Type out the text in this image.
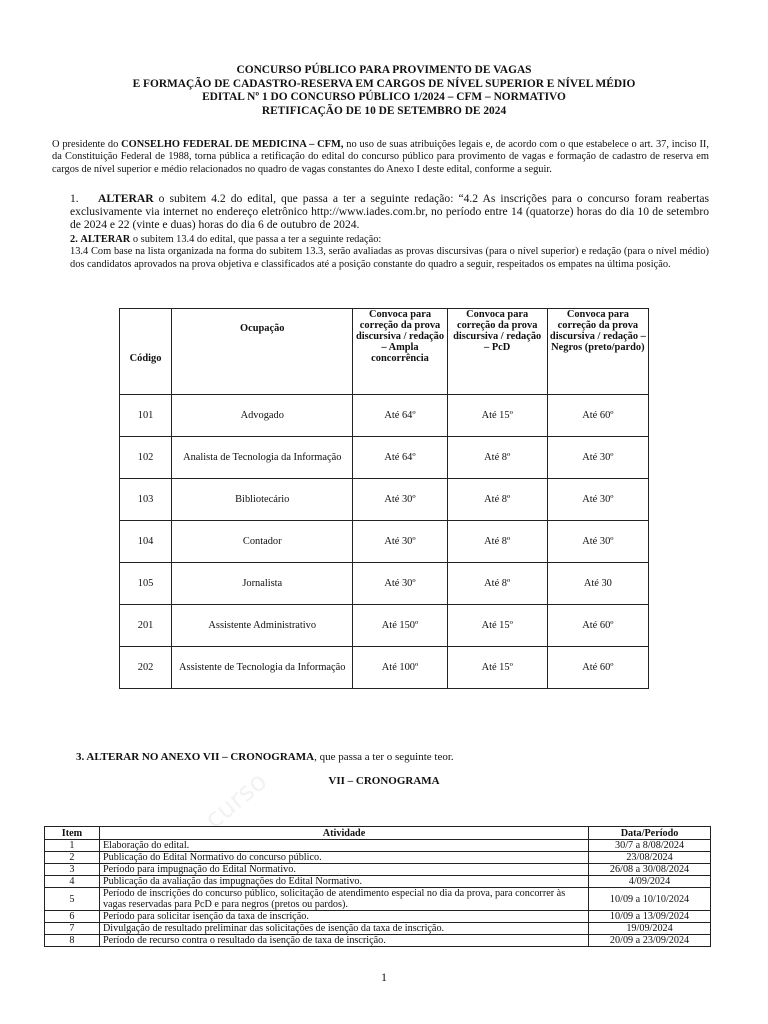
CONCURSO PÚBLICO PARA PROVIMENTO DE VAGAS
E FORMAÇÃO DE CADASTRO-RESERVA EM CARGOS DE NÍVEL SUPERIOR E NÍVEL MÉDIO
EDITAL Nº 1 DO CONCURSO PÚBLICO 1/2024 – CFM – NORMATIVO
RETIFICAÇÃO DE 10 DE SETEMBRO DE 2024
O presidente do CONSELHO FEDERAL DE MEDICINA – CFM, no uso de suas atribuições legais e, de acordo com o que estabelece o art. 37, inciso II, da Constituição Federal de 1988, torna pública a retificação do edital do concurso público para provimento de vagas e formação de cadastro de reserva em cargos de nível superior e médio relacionados no quadro de vagas constantes do Anexo I deste edital, conforme a seguir.
1. ALTERAR o subitem 4.2 do edital, que passa a ter a seguinte redação: “4.2 As inscrições para o concurso foram reabertas exclusivamente via internet no endereço eletrônico http://www.iades.com.br, no período entre 14 (quatorze) horas do dia 10 de setembro de 2024 e 22 (vinte e duas) horas do dia 6 de outubro de 2024.
2. ALTERAR o subitem 13.4 do edital, que passa a ter a seguinte redação:
13.4 Com base na lista organizada na forma do subitem 13.3, serão avaliadas as provas discursivas (para o nível superior) e redação (para o nível médio) dos candidatos aprovados na prova objetiva e classificados até a posição constante do quadro a seguir, respeitados os empates na última posição.
Código	Ocupação	Convoca para correção da prova discursiva / redação – Ampla concorrência	Convoca para correção da prova discursiva / redação – PcD	Convoca para correção da prova discursiva / redação – Negros (preto/pardo)
101	Advogado	Até 64º	Até 15º	Até 60º
102	Analista de Tecnologia da Informação	Até 64º	Até 8º	Até 30º
103	Bibliotecário	Até 30º	Até 8º	Até 30º
104	Contador	Até 30º	Até 8º	Até 30º
105	Jornalista	Até 30º	Até 8º	Até 30
201	Assistente Administrativo	Até 150º	Até 15º	Até 60º
202	Assistente de Tecnologia da Informação	Até 100º	Até 15º	Até 60º
3. ALTERAR NO ANEXO VII – CRONOGRAMA, que passa a ter o seguinte teor.
curso	VII – CRONOGRAMA
Item	Atividade	Data/Período
1	Elaboração do edital.	30/7 a 8/08/2024
2	Publicação do Edital Normativo do concurso público.	23/08/2024
3	Período para impugnação do Edital Normativo.	26/08 a 30/08/2024
4	Publicação da avaliação das impugnações do Edital Normativo.	4/09/2024
5	Período de inscrições do concurso público, solicitação de atendimento especial no dia da prova, para concorrer às vagas reservadas para PcD e para negros (pretos ou pardos).	10/09 a 10/10/2024
6	Período para solicitar isenção da taxa de inscrição.	10/09 a 13/09/2024
7	Divulgação de resultado preliminar das solicitações de isenção da taxa de inscrição.	19/09/2024
8	Período de recurso contra o resultado da isenção de taxa de inscrição.	20/09 a 23/09/2024
1
